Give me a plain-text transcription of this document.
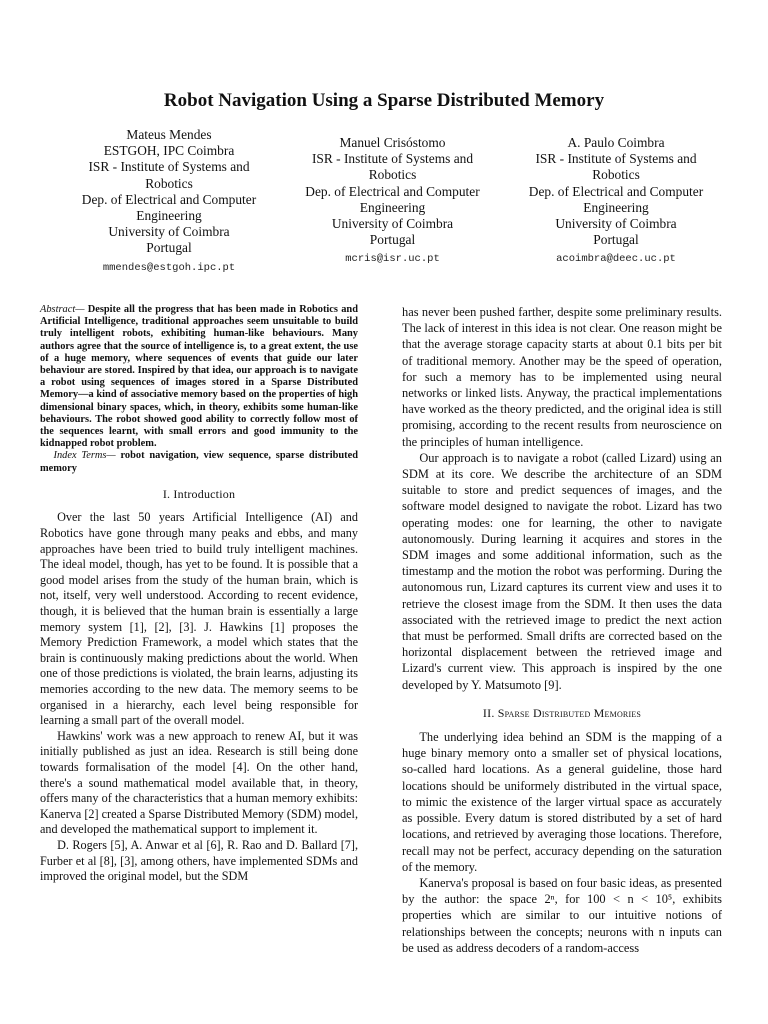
Robot Navigation Using a Sparse Distributed Memory
Mateus Mendes
ESTGOH, IPC Coimbra
ISR - Institute of Systems and
Robotics
Dep. of Electrical and Computer
Engineering
University of Coimbra
Portugal
mmendes@estgoh.ipc.pt
Manuel Crisóstomo
ISR - Institute of Systems and
Robotics
Dep. of Electrical and Computer
Engineering
University of Coimbra
Portugal
mcris@isr.uc.pt
A. Paulo Coimbra
ISR - Institute of Systems and
Robotics
Dep. of Electrical and Computer
Engineering
University of Coimbra
Portugal
acoimbra@deec.uc.pt

Abstract— Despite all the progress that has been made in Robotics and Artificial Intelligence, traditional approaches seem unsuitable to build truly intelligent robots, exhibiting human-like behaviours. Many authors agree that the source of intelligence is, to a great extent, the use of a huge memory, where sequences of events that guide our later behaviour are stored. Inspired by that idea, our approach is to navigate a robot using sequences of images stored in a Sparse Distributed Memory—a kind of associative memory based on the properties of high dimensional binary spaces, which, in theory, exhibits some human-like behaviours. The robot showed good ability to correctly follow most of the sequences learnt, with small errors and good immunity to the kidnapped robot problem.

Index Terms— robot navigation, view sequence, sparse distributed memory
I. Introduction

Over the last 50 years Artificial Intelligence (AI) and Robotics have gone through many peaks and ebbs, and many approaches have been tried to build truly intelligent machines. The ideal model, though, has yet to be found. It is possible that a good model arises from the study of the human brain, which is not, itself, very well understood. According to recent evidence, though, it is believed that the human brain is essentially a large memory system [1], [2], [3]. J. Hawkins [1] proposes the Memory Prediction Framework, a model which states that the brain is continuously making predictions about the world. When one of those predictions is violated, the brain learns, adjusting its memories according to the new data. The memory seems to be organised in a hierarchy, each level being responsible for learning a small part of the overall model.

Hawkins' work was a new approach to renew AI, but it was initially published as just an idea. Research is still being done towards formalisation of the model [4]. On the other hand, there's a sound mathematical model available that, in theory, offers many of the characteristics that a human memory exhibits: Kanerva [2] created a Sparse Distributed Memory (SDM) model, and developed the mathematical support to implement it.

D. Rogers [5], A. Anwar et al [6], R. Rao and D. Ballard [7], Furber et al [8], [3], among others, have implemented SDMs and improved the original model, but the SDM

has never been pushed farther, despite some preliminary results. The lack of interest in this idea is not clear. One reason might be that the average storage capacity starts at about 0.1 bits per bit of traditional memory. Another may be the speed of operation, for such a memory has to be implemented using neural networks or linked lists. Anyway, the practical implementations have worked as the theory predicted, and the original idea is still promising, according to the recent results from neuroscience on the principles of human intelligence.

Our approach is to navigate a robot (called Lizard) using an SDM at its core. We describe the architecture of an SDM suitable to store and predict sequences of images, and the software model designed to navigate the robot. Lizard has two operating modes: one for learning, the other to navigate autonomously. During learning it acquires and stores in the SDM images and some additional information, such as the timestamp and the motion the robot was performing. During the autonomous run, Lizard captures its current view and uses it to retrieve the closest image from the SDM. It then uses the data associated with the retrieved image to predict the next action that must be performed. Small drifts are corrected based on the horizontal displacement between the retrieved image and Lizard's current view. This approach is inspired by the one developed by Y. Matsumoto [9].

II. Sparse Distributed Memories

The underlying idea behind an SDM is the mapping of a huge binary memory onto a smaller set of physical locations, so-called hard locations. As a general guideline, those hard locations should be uniformely distributed in the virtual space, to mimic the existence of the larger virtual space as accurately as possible. Every datum is stored distributed by a set of hard locations, and retrieved by averaging those locations. Therefore, recall may not be perfect, accuracy depending on the saturation of the memory.

Kanerva's proposal is based on four basic ideas, as presented by the author: the space 2ⁿ, for 100 < n < 10⁵, exhibits properties which are similar to our intuitive notions of relationships between the concepts; neurons with n inputs can be used as address decoders of a random-access
